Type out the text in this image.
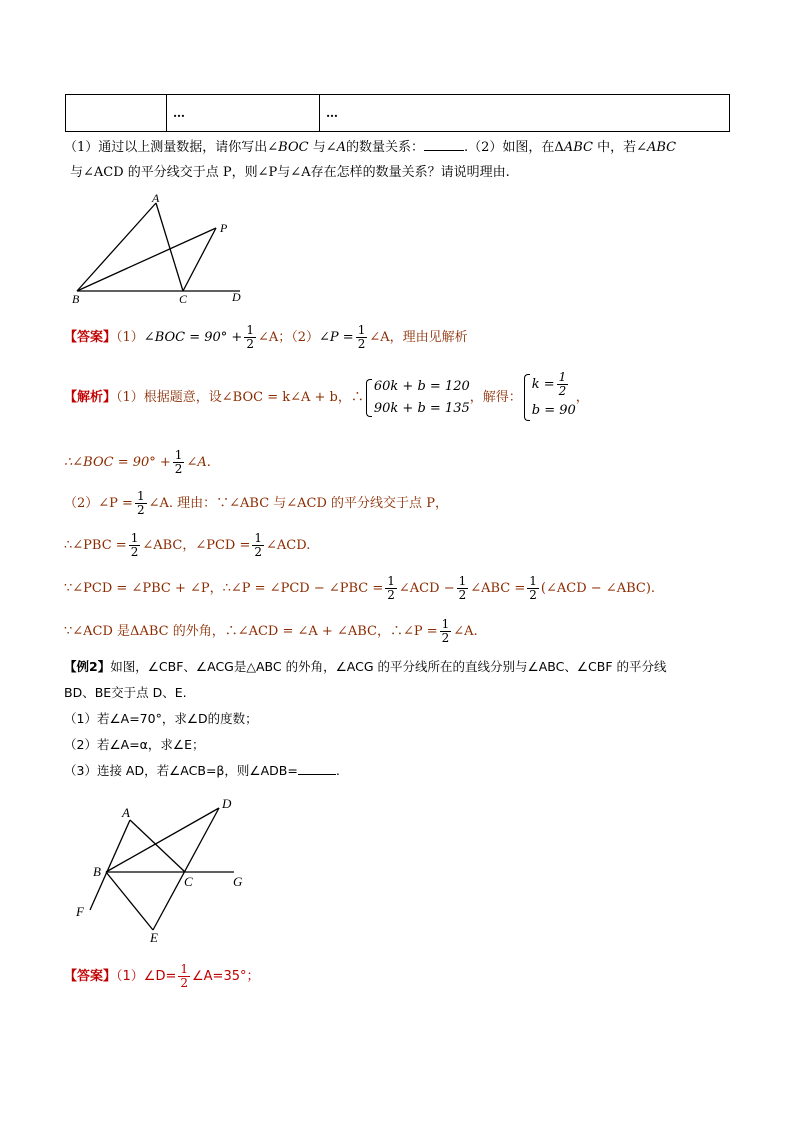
	…	…
（1）通过以上测量数据，请你写出∠BOC 与∠A的数量关系：	.（2）如图，在ΔABC 中，若∠ABC
与∠ACD 的平分线交于点 P，则∠P与∠A存在怎样的数量关系？请说明理由.
A
P
B	C	D
【答案】（1）∠BOC = $90^\circ + \frac{1}{2}$ ∠A；（2）∠P = $\frac{1}{2}$ ∠A，理由见解析
【解析】（1）根据题意，设∠BOC = k∠A + b，∴
60k + b = 120
90k + b = 135
，解得：
$k = \frac{1}{2}$
b = 90
，
∴∠BOC = $90^\circ + \frac{1}{2}$ ∠A.
（2）∠P = $\frac{1}{2}$ ∠A. 理由：∵∠ABC 与∠ACD 的平分线交于点 P，
∴∠PBC = $\frac{1}{2}$ ∠ABC，∠PCD = $\frac{1}{2}$ ∠ACD.
∵∠PCD = ∠PBC + ∠P，∴∠P = ∠PCD − ∠PBC = $\frac{1}{2}$ ∠ACD − $\frac{1}{2}$ ∠ABC = $\frac{1}{2}$ (∠ACD − ∠ABC).
∵∠ACD 是ΔABC 的外角，∴∠ACD = ∠A + ∠ABC，∴∠P = $\frac{1}{2}$ ∠A.
【例2】如图，∠CBF、∠ACG是△ABC 的外角，∠ACG 的平分线所在的直线分别与∠ABC、∠CBF 的平分线
BD、BE交于点 D、E.
（1）若∠A=70°，求∠D的度数；
（2）若∠A=α，求∠E；
（3）连接 AD，若∠ACB=β，则∠ADB=	.
A
D
B
C	G
F
E
【答案】（1）∠D= $\frac{1}{2}$ ∠A=35°；
